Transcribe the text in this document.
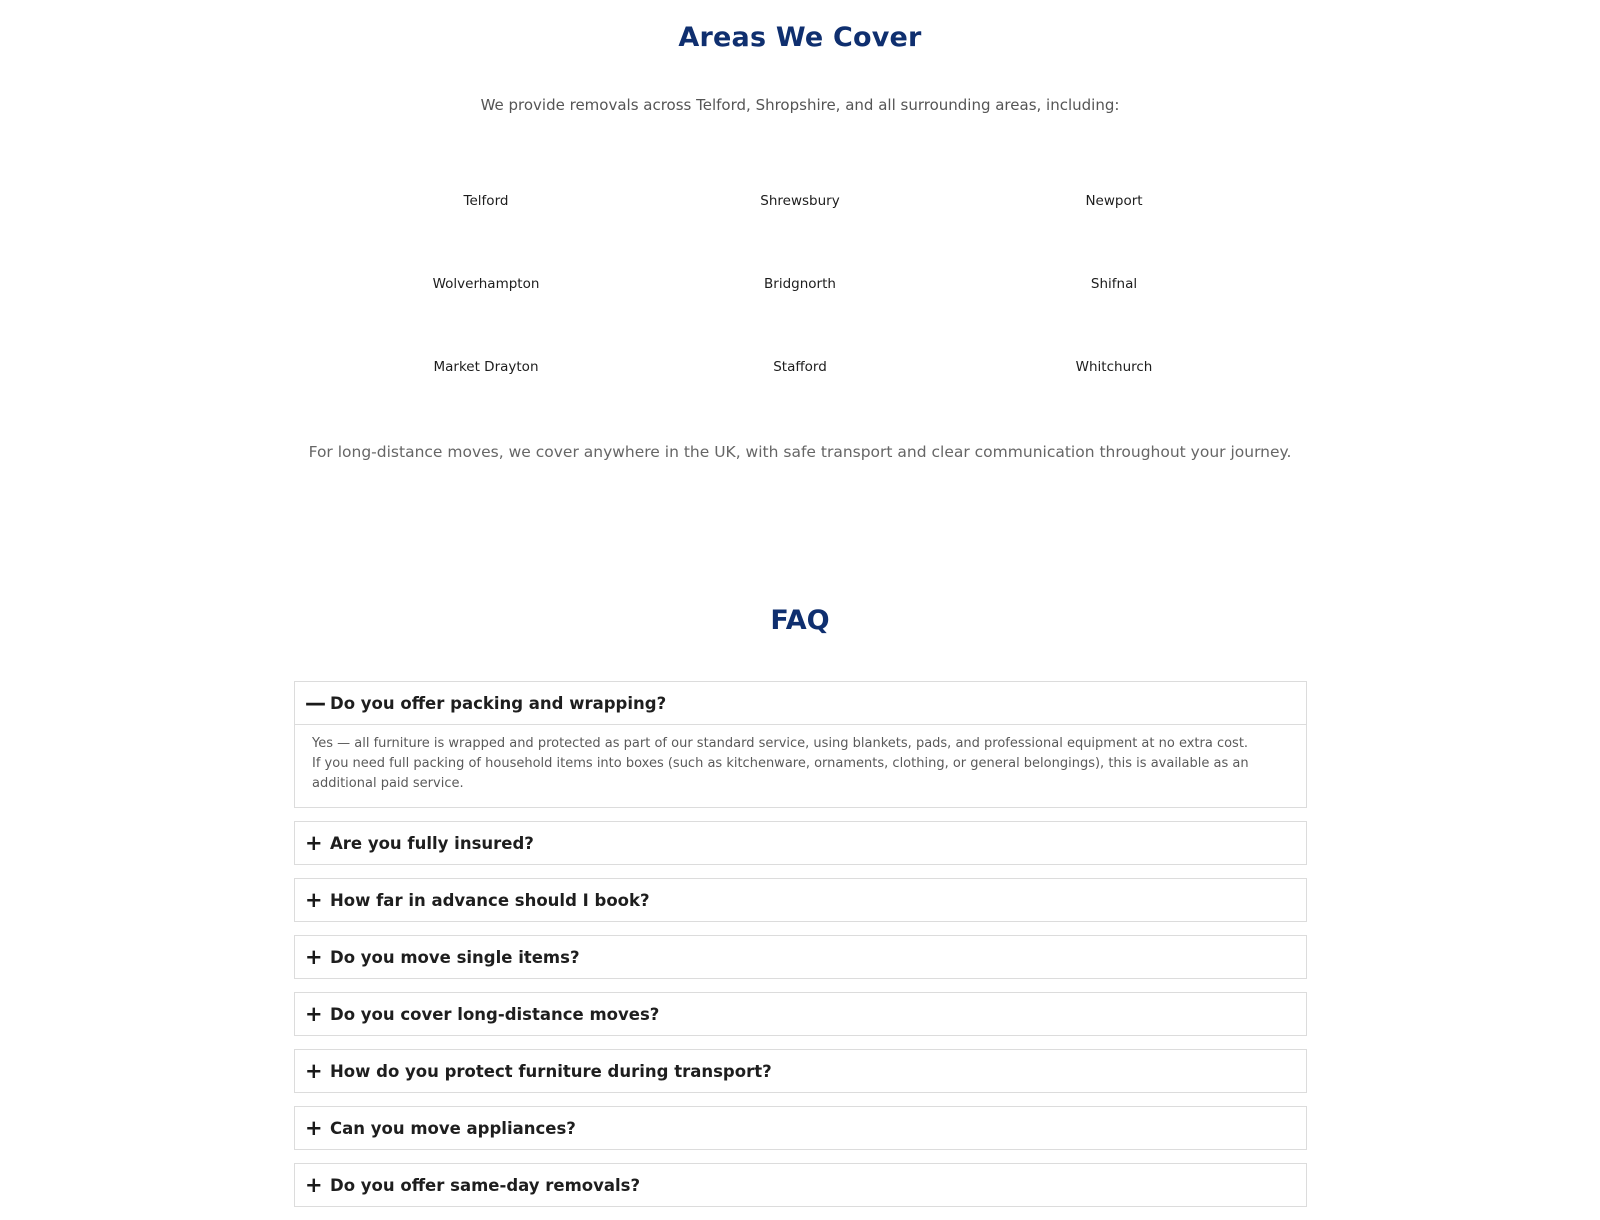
Areas We Cover

We provide removals across Telford, Shropshire, and all surrounding areas, including:

Telford	Shrewsbury	Newport
Wolverhampton	Bridgnorth	Shifnal
Market Drayton	Stafford	Whitchurch

For long-distance moves, we cover anywhere in the UK, with safe transport and clear communication throughout your journey.

FAQ
— Do you offer packing and wrapping?

Yes — all furniture is wrapped and protected as part of our standard service, using blankets, pads, and professional equipment at no extra cost.

If you need full packing of household items into boxes (such as kitchenware, ornaments, clothing, or general belongings), this is available as an

additional paid service.

+ Are you fully insured?
+ How far in advance should I book?
+ Do you move single items?
+ Do you cover long-distance moves?
+ How do you protect furniture during transport?
+ Can you move appliances?
+ Do you offer same-day removals?
